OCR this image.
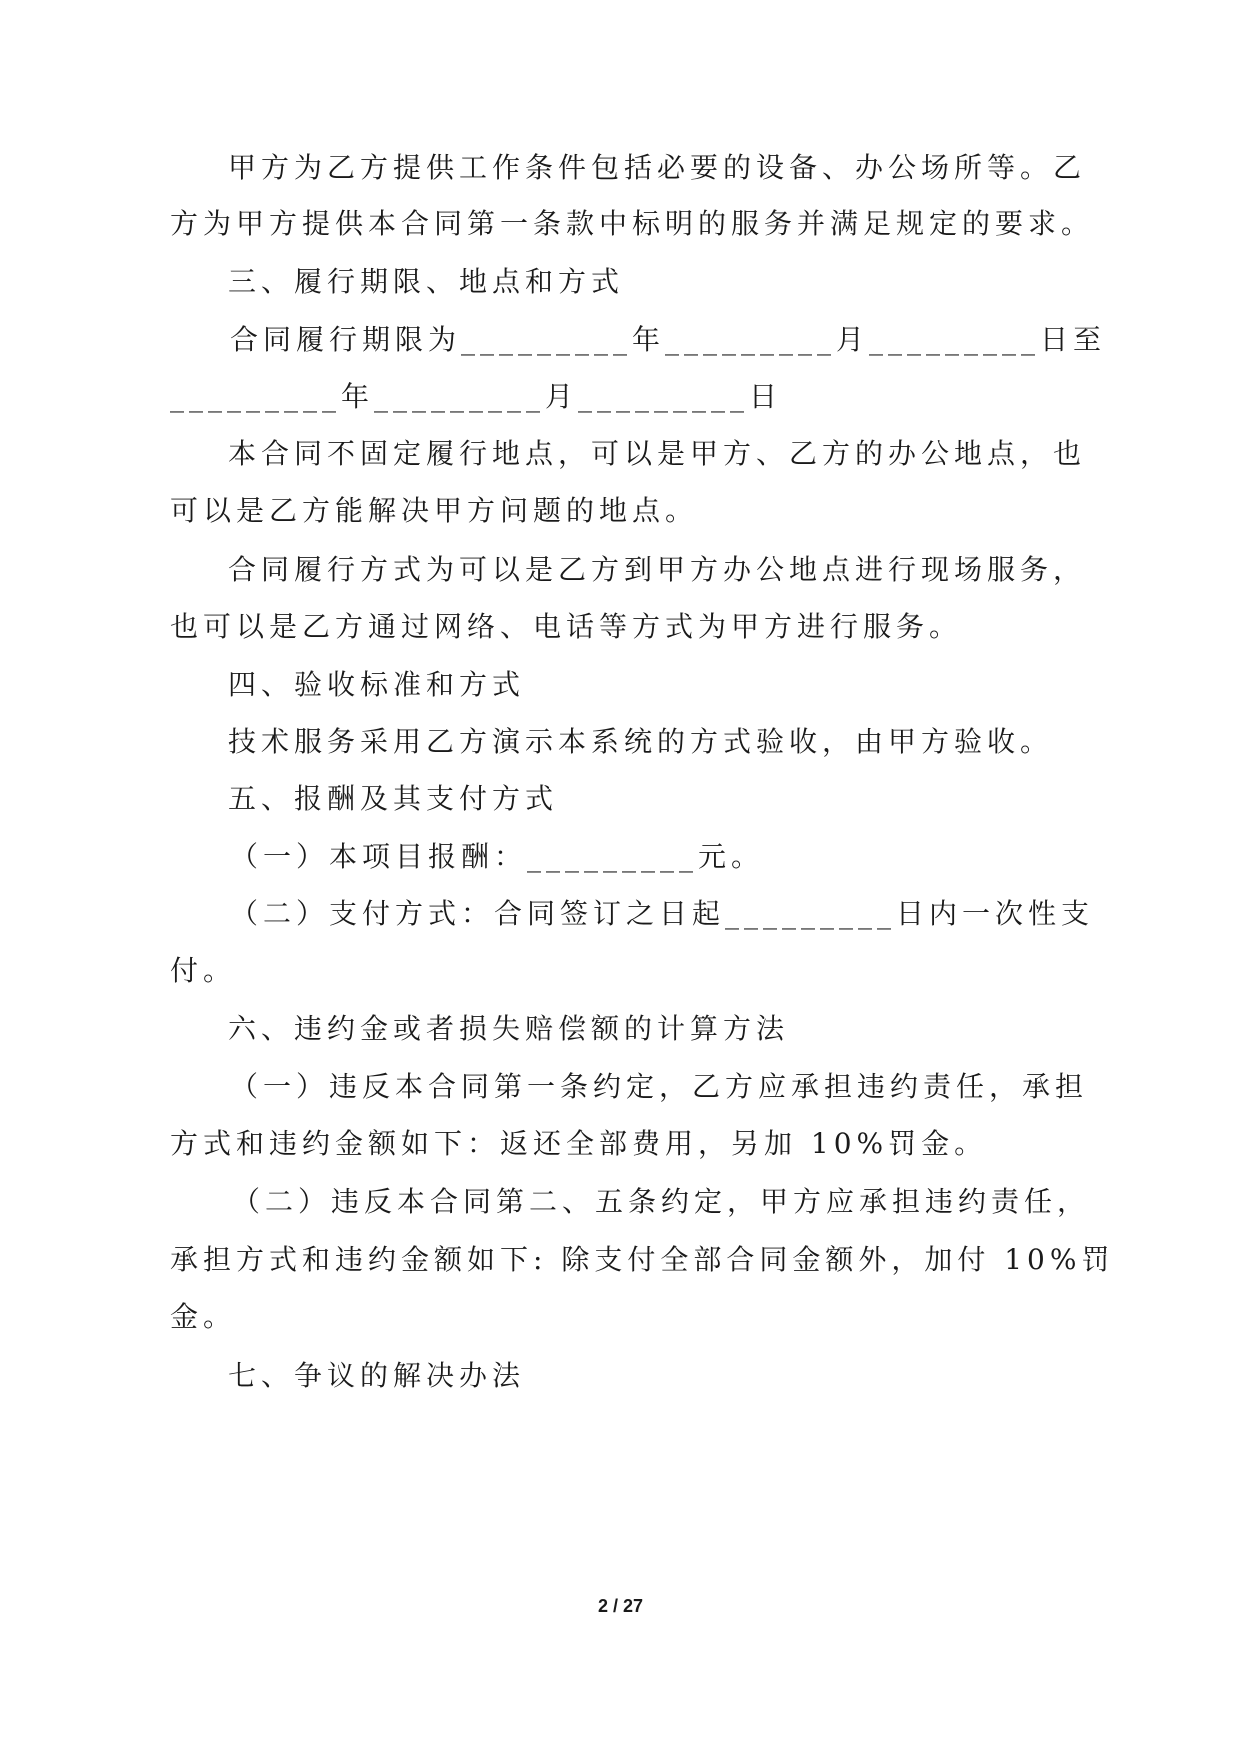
甲方为乙方提供工作条件包括必要的设备、办公场所等。乙
方为甲方提供本合同第一条款中标明的服务并满足规定的要求。
三、履行期限、地点和方式
合同履行期限为_________年_________月_________日至
_________年_________月_________日
本合同不固定履行地点，可以是甲方、乙方的办公地点，也
可以是乙方能解决甲方问题的地点。
合同履行方式为可以是乙方到甲方办公地点进行现场服务，
也可以是乙方通过网络、电话等方式为甲方进行服务。
四、验收标准和方式
技术服务采用乙方演示本系统的方式验收，由甲方验收。
五、报酬及其支付方式
（一）本项目报酬：_________元。
（二）支付方式：合同签订之日起_________日内一次性支
付。
六、违约金或者损失赔偿额的计算方法
（一）违反本合同第一条约定，乙方应承担违约责任，承担
方式和违约金额如下：返还全部费用，另加 10%罚金。
（二）违反本合同第二、五条约定，甲方应承担违约责任，
承担方式和违约金额如下: 除支付全部合同金额外，加付 10%罚
金。
七、争议的解决办法
2 / 27
